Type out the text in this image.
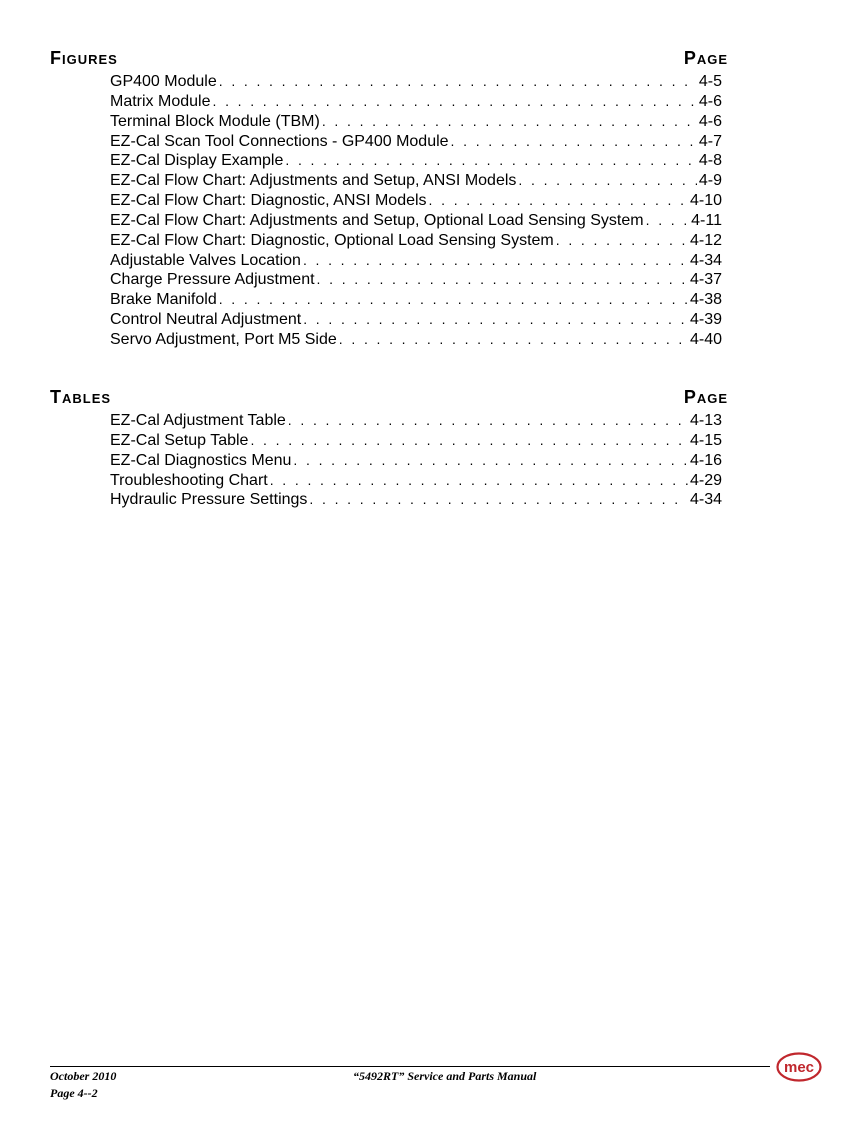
Figures	Page
GP400 Module . . .	4-5
Matrix Module . . .	4-6
Terminal Block Module (TBM) . . .	4-6
EZ-Cal Scan Tool Connections - GP400 Module . . .	4-7
EZ-Cal Display Example . . .	4-8
EZ-Cal Flow Chart: Adjustments and Setup, ANSI Models . . .	4-9
EZ-Cal Flow Chart: Diagnostic, ANSI Models . . .	4-10
EZ-Cal Flow Chart: Adjustments and Setup, Optional Load Sensing System . . .	4-11
EZ-Cal Flow Chart: Diagnostic, Optional Load Sensing System . . .	4-12
Adjustable Valves Location . . .	4-34
Charge Pressure Adjustment . . .	4-37
Brake Manifold . . .	4-38
Control Neutral Adjustment . . .	4-39
Servo Adjustment, Port M5 Side . . .	4-40
Tables	Page
EZ-Cal Adjustment Table . . .	4-13
EZ-Cal Setup Table . . .	4-15
EZ-Cal Diagnostics Menu . . .	4-16
Troubleshooting Chart . . .	4-29
Hydraulic Pressure Settings . . .	4-34
October 2010
Page 4--2
“5492RT” Service and Parts Manual	mec
